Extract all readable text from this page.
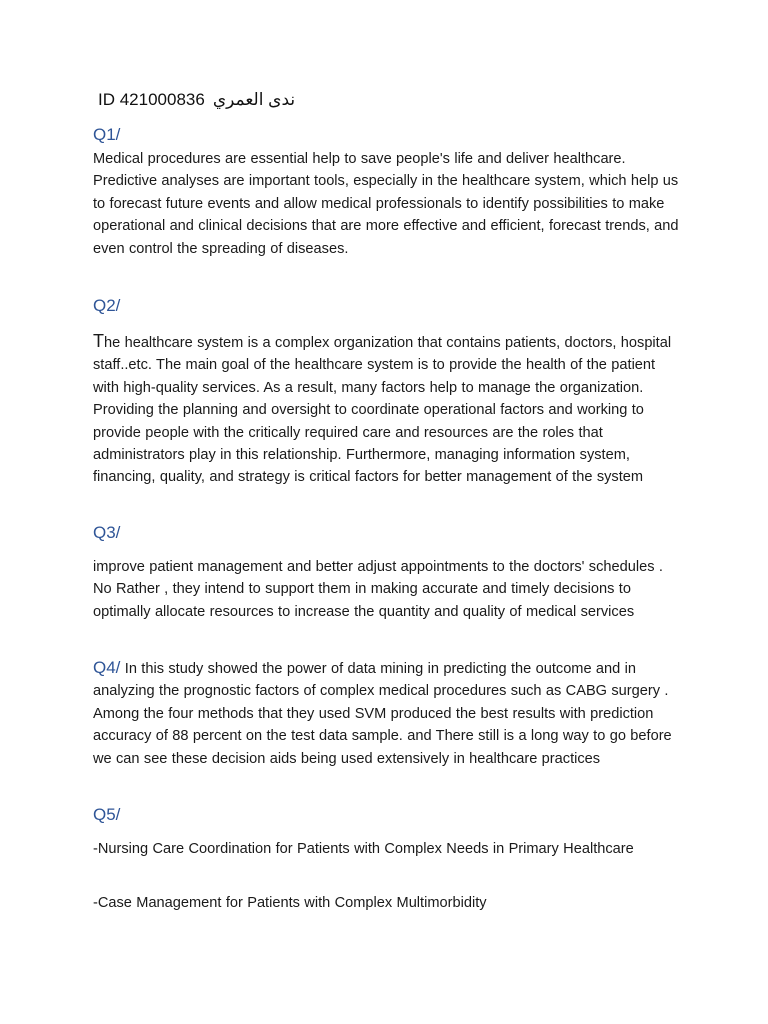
ID 421000836 ندى العمري
Q1/
Medical procedures are essential help to save people's life and deliver healthcare. Predictive analyses are important tools, especially in the healthcare system, which help us to forecast future events and allow medical professionals to identify possibilities to make operational and clinical decisions that are more effective and efficient, forecast trends, and even control the spreading of diseases.
Q2/
The healthcare system is a complex organization that contains patients, doctors, hospital staff..etc. The main goal of the healthcare system is to provide the health of the patient with high-quality services. As a result, many factors help to manage the organization. Providing the planning and oversight to coordinate operational factors and working to provide people with the critically required care and resources are the roles that administrators play in this relationship. Furthermore, managing information system, financing, quality, and strategy is critical factors for better management of the system
Q3/
improve patient management and better adjust appointments to the doctors' schedules . No Rather , they intend to support them in making accurate and timely decisions to optimally allocate resources to increase the quantity and quality of medical services
Q4/ In this study showed the power of data mining in predicting the outcome and in analyzing the prognostic factors of complex medical procedures such as CABG surgery . Among the four methods that they used SVM produced the best results with prediction accuracy of 88 percent on the test data sample. and There still is a long way to go before we can see these decision aids being used extensively in healthcare practices
Q5/
-Nursing Care Coordination for Patients with Complex Needs in Primary Healthcare
-Case Management for Patients with Complex Multimorbidity
